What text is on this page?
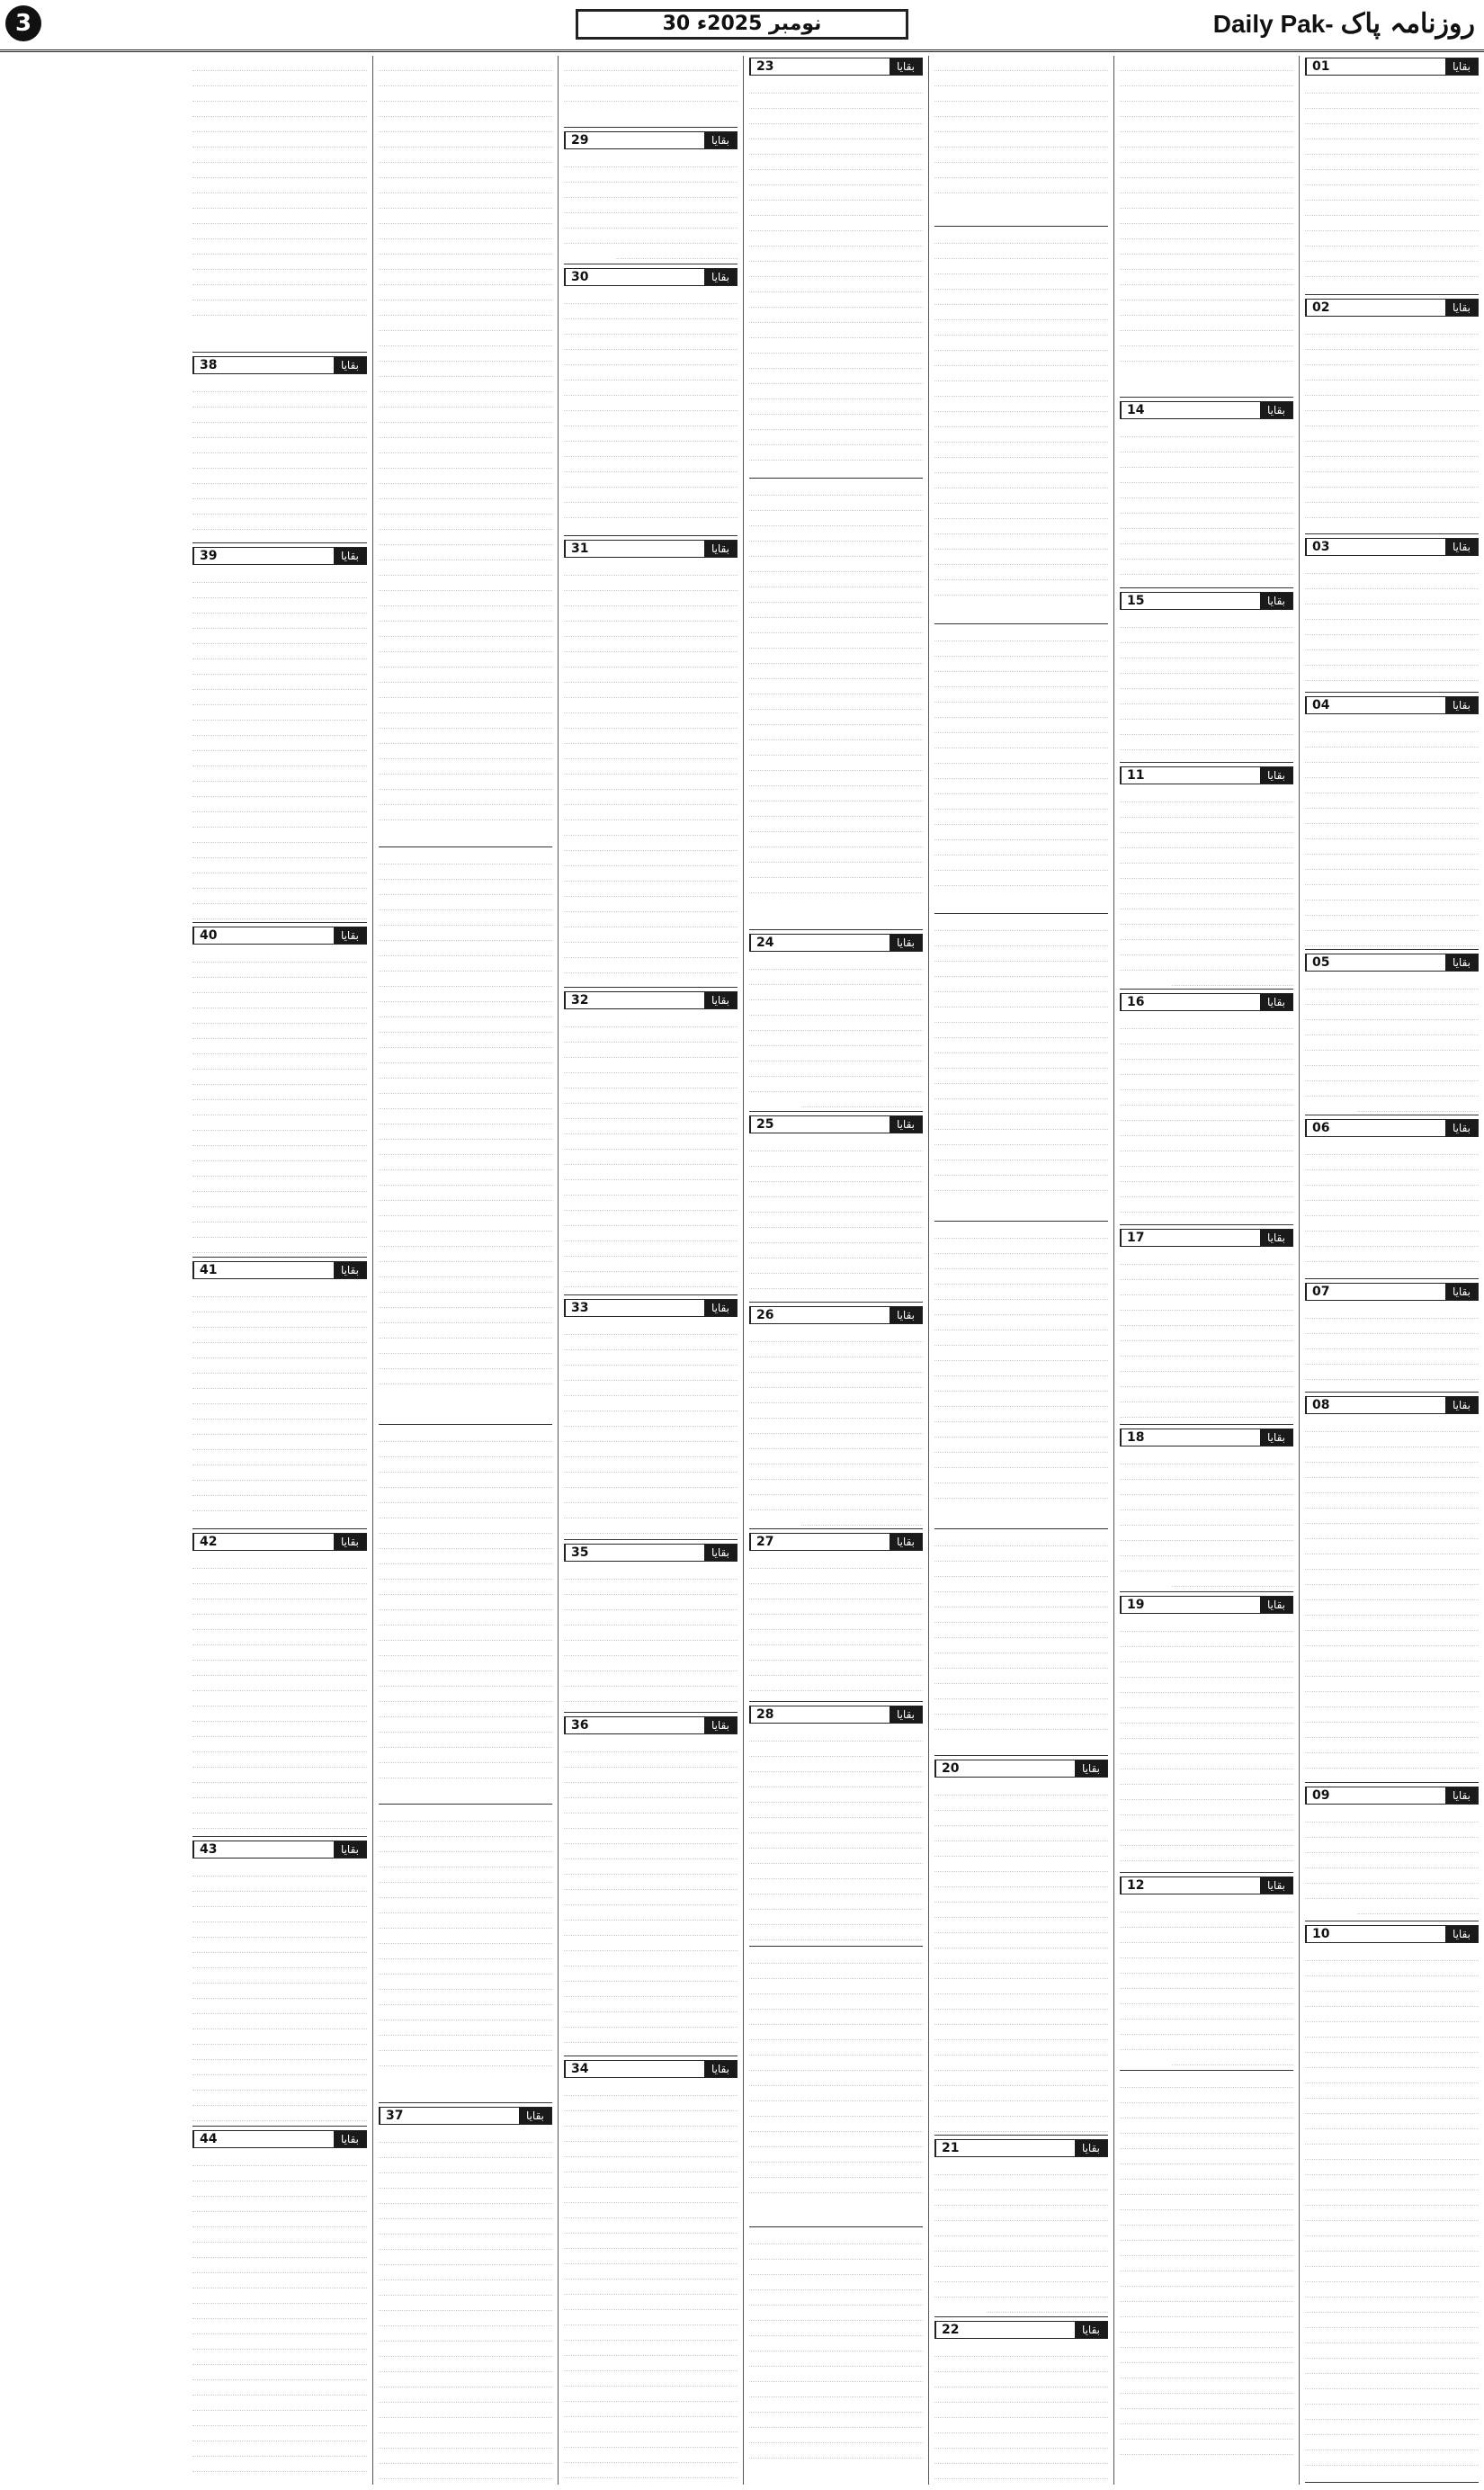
3	30 نومبر 2025ء	Daily Pak- روزنامہ پاک
01	بقایا
02	بقایا
03	بقایا
04	بقایا
05	بقایا
06	بقایا
07	بقایا
08	بقایا
09	بقایا
10	بقایا
14	بقایا
15	بقایا
11	بقایا
16	بقایا
17	بقایا
18	بقایا
19	بقایا
12	بقایا
20	بقایا
21	بقایا
22	بقایا
23	بقایا
24	بقایا
25	بقایا
26	بقایا
27	بقایا
28	بقایا
29	بقایا
30	بقایا
31	بقایا
32	بقایا
33	بقایا
35	بقایا
36	بقایا
34	بقایا
37	بقایا
38	بقایا
39	بقایا
40	بقایا
41	بقایا
42	بقایا
43	بقایا
44	بقایا
